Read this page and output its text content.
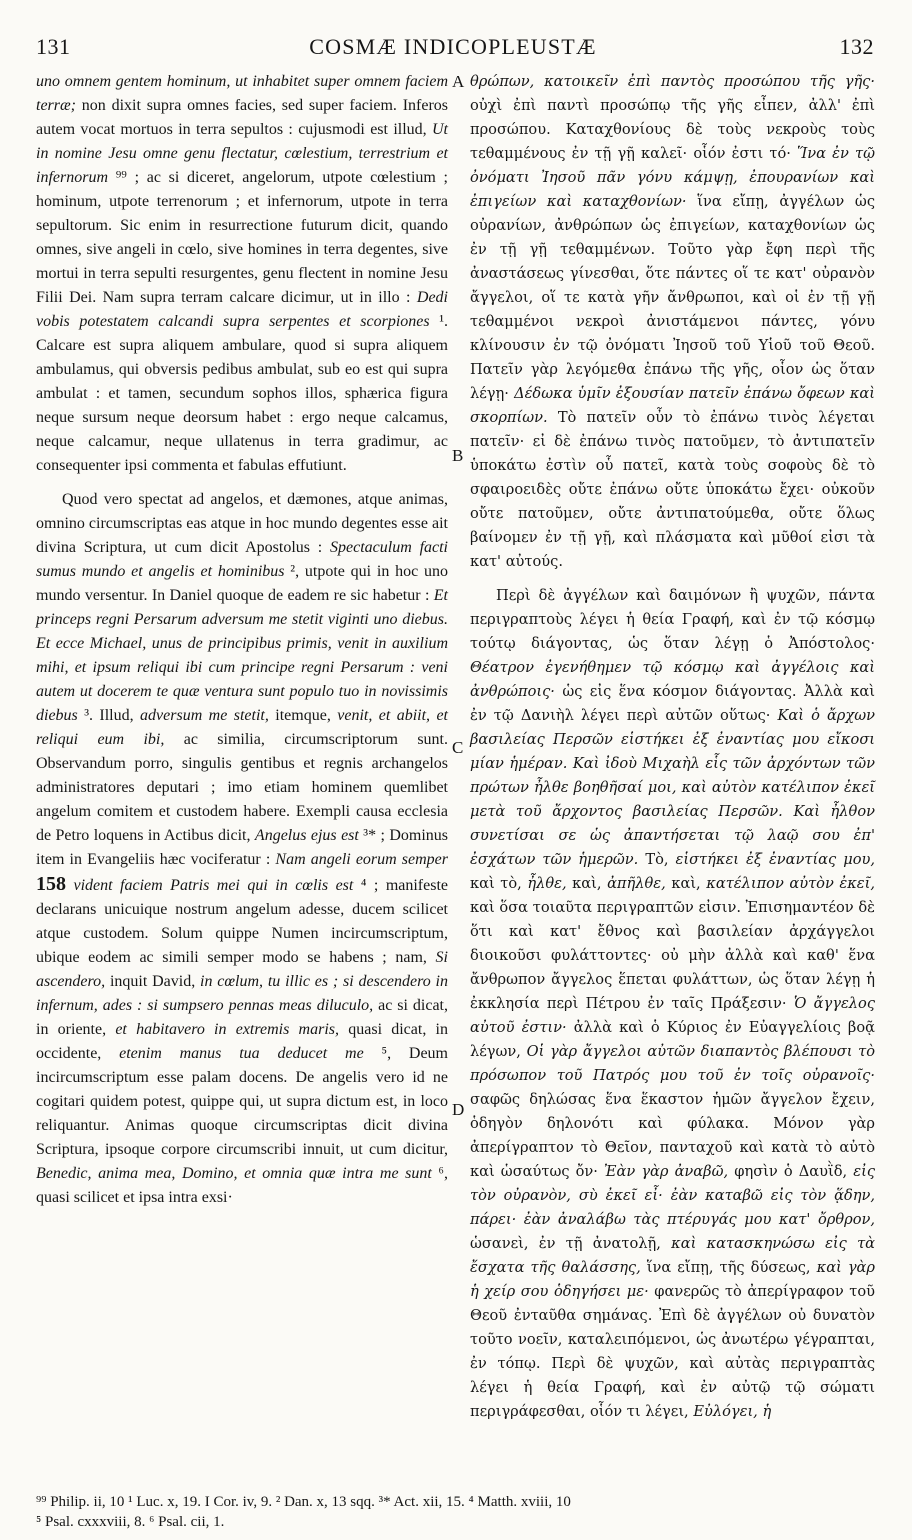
131	COSMÆ INDICOPLEUSTÆ	132

uno omnem gentem hominum, ut inhabitet super omnem faciem terræ; non dixit supra omnes facies, sed super faciem. Inferos autem vocat mortuos in terra sepultos : cujusmodi est illud, Ut in nomine Jesu omne genu flectatur, cœlestium, terrestrium et infernorum ⁹⁹ ; ac si diceret, angelorum, utpote cœlestium ; hominum, utpote terrenorum ; et infernorum, utpote in terra sepultorum. Sic enim in resurrectione futurum dicit, quando omnes, sive angeli in cœlo, sive homines in terra degentes, sive mortui in terra sepulti resurgentes, genu flectent in nomine Jesu Filii Dei. Nam supra terram calcare dicimur, ut in illo : Dedi vobis potestatem calcandi supra serpentes et scorpiones ¹. Calcare est supra aliquem ambulare, quod si supra aliquem ambulamus, qui obversis pedibus ambulat, sub eo est qui supra ambulat : et tamen, secundum sophos illos, sphærica figura neque sursum neque deorsum habet : ergo neque calcamus, neque calcamur, neque ullatenus in terra gradimur, ac consequenter ipsi commenta et fabulas effutiunt.

Quod vero spectat ad angelos, et dæmones, atque animas, omnino circumscriptas eas atque in hoc mundo degentes esse ait divina Scriptura, ut cum dicit Apostolus : Spectaculum facti sumus mundo et angelis et hominibus ², utpote qui in hoc uno mundo versentur. In Daniel quoque de eadem re sic habetur : Et princeps regni Persarum adversum me stetit viginti uno diebus. Et ecce Michael, unus de principibus primis, venit in auxilium mihi, et ipsum reliqui ibi cum principe regni Persarum : veni autem ut docerem te quæ ventura sunt populo tuo in novissimis diebus ³. Illud, adversum me stetit, itemque, venit, et abiit, et reliqui eum ibi, ac similia, circumscriptorum sunt. Observandum porro, singulis gentibus et regnis archangelos administratores deputari ; imo etiam hominem quemlibet angelum comitem et custodem habere. Exempli causa ecclesia de Petro loquens in Actibus dicit, Angelus ejus est ³* ; Dominus item in Evangeliis hæc vociferatur : Nam angeli eorum semper 158 vident faciem Patris mei qui in cœlis est ⁴ ; manifeste declarans unicuique nostrum angelum adesse, ducem scilicet atque custodem. Solum quippe Numen incircumscriptum, ubique eodem ac simili semper modo se habens ; nam, Si ascendero, inquit David, in cœlum, tu illic es ; si descendero in infernum, ades : si sumpsero pennas meas diluculo, ac si dicat, in oriente, et habitavero in extremis maris, quasi dicat, in occidente, etenim manus tua deducet me ⁵, Deum incircumscriptum esse palam docens. De angelis vero id ne cogitari quidem potest, quippe qui, ut supra dictum est, in loco reliquantur. Animas quoque circumscriptas dicit divina Scriptura, ipsoque corpore circumscribi innuit, ut cum dicitur, Benedic, anima mea, Domino, et omnia quæ intra me sunt ⁶, quasi scilicet et ipsa intra exsi·

A
B
C
D

θρώπων, κατοικεῖν ἐπὶ παντὸς προσώπου τῆς γῆς· οὐχὶ ἐπὶ παντὶ προσώπῳ τῆς γῆς εἶπεν, ἀλλ' ἐπὶ προσώπου. Καταχθονίους δὲ τοὺς νεκροὺς τοὺς τεθαμμένους ἐν τῇ γῇ καλεῖ· οἷόν ἐστι τό· Ἵνα ἐν τῷ ὀνόματι Ἰησοῦ πᾶν γόνυ κάμψῃ, ἐπουρανίων καὶ ἐπιγείων καὶ καταχθονίων· ἵνα εἴπῃ, ἀγγέλων ὡς οὐρανίων, ἀνθρώπων ὡς ἐπιγείων, καταχθονίων ὡς ἐν τῇ γῇ τεθαμμένων. Τοῦτο γὰρ ἔφη περὶ τῆς ἀναστάσεως γίνεσθαι, ὅτε πάντες οἵ τε κατ' οὐρανὸν ἄγγελοι, οἵ τε κατὰ γῆν ἄνθρωποι, καὶ οἱ ἐν τῇ γῇ τεθαμμένοι νεκροὶ ἀνιστάμενοι πάντες, γόνυ κλίνουσιν ἐν τῷ ὀνόματι Ἰησοῦ τοῦ Υἱοῦ τοῦ Θεοῦ. Πατεῖν γὰρ λεγόμεθα ἐπάνω τῆς γῆς, οἷον ὡς ὅταν λέγῃ· Δέδωκα ὑμῖν ἐξουσίαν πατεῖν ἐπάνω ὄφεων καὶ σκορπίων. Τὸ πατεῖν οὖν τὸ ἐπάνω τινὸς λέγεται πατεῖν· εἰ δὲ ἐπάνω τινὸς πατοῦμεν, τὸ ἀντιπατεῖν ὑποκάτω ἐστὶν οὗ πατεῖ, κατὰ τοὺς σοφοὺς δὲ τὸ σφαιροειδὲς οὔτε ἐπάνω οὔτε ὑποκάτω ἔχει· οὐκοῦν οὔτε πατοῦμεν, οὔτε ἀντιπατούμεθα, οὔτε ὅλως βαίνομεν ἐν τῇ γῇ, καὶ πλάσματα καὶ μῦθοί εἰσι τὰ κατ' αὐτούς.

Περὶ δὲ ἀγγέλων καὶ δαιμόνων ἢ ψυχῶν, πάντα περιγραπτοὺς λέγει ἡ θεία Γραφή, καὶ ἐν τῷ κόσμῳ τούτῳ διάγοντας, ὡς ὅταν λέγῃ ὁ Ἀπόστολος· Θέατρον ἐγενήθημεν τῷ κόσμῳ καὶ ἀγγέλοις καὶ ἀνθρώποις· ὡς εἰς ἕνα κόσμον διάγοντας. Ἀλλὰ καὶ ἐν τῷ Δανιὴλ λέγει περὶ αὐτῶν οὕτως· Καὶ ὁ ἄρχων βασιλείας Περσῶν εἱστήκει ἐξ ἐναντίας μου εἴκοσι μίαν ἡμέραν. Καὶ ἰδοὺ Μιχαὴλ εἷς τῶν ἀρχόντων τῶν πρώτων ἦλθε βοηθῆσαί μοι, καὶ αὐτὸν κατέλιπον ἐκεῖ μετὰ τοῦ ἄρχοντος βασιλείας Περσῶν. Καὶ ἦλθον συνετίσαι σε ὡς ἀπαντήσεται τῷ λαῷ σου ἐπ' ἐσχάτων τῶν ἡμερῶν. Τὸ, εἱστήκει ἐξ ἐναντίας μου, καὶ τὸ, ἦλθε, καὶ, ἀπῆλθε, καὶ, κατέλιπον αὐτὸν ἐκεῖ, καὶ ὅσα τοιαῦτα περιγραπτῶν εἰσιν. Ἐπισημαντέον δὲ ὅτι καὶ κατ' ἔθνος καὶ βασιλείαν ἀρχάγγελοι διοικοῦσι φυλάττοντες· οὐ μὴν ἀλλὰ καὶ καθ' ἕνα ἄνθρωπον ἄγγελος ἕπεται φυλάττων, ὡς ὅταν λέγῃ ἡ ἐκκλησία περὶ Πέτρου ἐν ταῖς Πράξεσιν· Ὁ ἄγγελος αὐτοῦ ἐστιν· ἀλλὰ καὶ ὁ Κύριος ἐν Εὐαγγελίοις βοᾷ λέγων, Οἱ γὰρ ἄγγελοι αὐτῶν διαπαντὸς βλέπουσι τὸ πρόσωπον τοῦ Πατρός μου τοῦ ἐν τοῖς οὐρανοῖς· σαφῶς δηλώσας ἕνα ἕκαστον ἡμῶν ἄγγελον ἔχειν, ὁδηγὸν δηλονότι καὶ φύλακα. Μόνον γὰρ ἀπερίγραπτον τὸ Θεῖον, πανταχοῦ καὶ κατὰ τὸ αὐτὸ καὶ ὡσαύτως ὄν· Ἐὰν γὰρ ἀναβῶ, φησὶν ὁ Δαυῒδ, εἰς τὸν οὐρανὸν, σὺ ἐκεῖ εἶ· ἐὰν καταβῶ εἰς τὸν ᾅδην, πάρει· ἐὰν ἀναλάβω τὰς πτέρυγάς μου κατ' ὄρθρον, ὡσανεὶ, ἐν τῇ ἀνατολῇ, καὶ κατασκηνώσω εἰς τὰ ἔσχατα τῆς θαλάσσης, ἵνα εἴπῃ, τῆς δύσεως, καὶ γὰρ ἡ χείρ σου ὁδηγήσει με· φανερῶς τὸ ἀπερίγραφον τοῦ Θεοῦ ἐνταῦθα σημάνας. Ἐπὶ δὲ ἀγγέλων οὐ δυνατὸν τοῦτο νοεῖν, καταλειπόμενοι, ὡς ἀνωτέρω γέγραπται, ἐν τόπῳ. Περὶ δὲ ψυχῶν, καὶ αὐτὰς περιγραπτὰς λέγει ἡ θεία Γραφή, καὶ ἐν αὐτῷ τῷ σώματι περιγράφεσθαι, οἷόν τι λέγει, Εὐλόγει, ἡ

⁹⁹ Philip. ii, 10 ¹ Luc. x, 19. I Cor. iv, 9. ² Dan. x, 13 sqq. ³* Act. xii, 15. ⁴ Matth. xviii, 10
⁵ Psal. cxxxviii, 8. ⁶ Psal. cii, 1.
